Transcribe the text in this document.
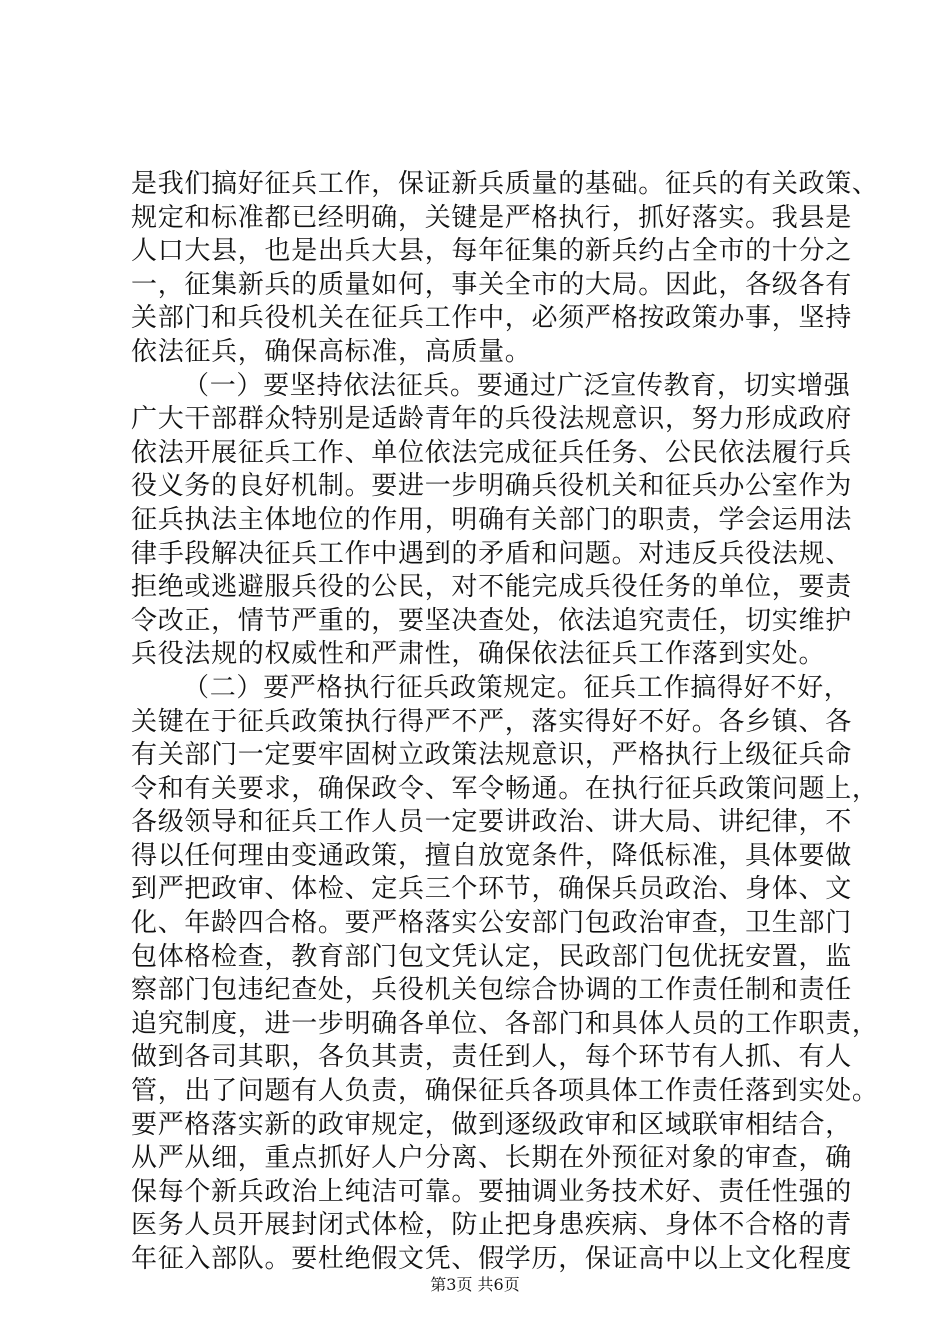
是我们搞好征兵工作，保证新兵质量的基础。征兵的有关政策、
规定和标准都已经明确，关键是严格执行，抓好落实。我县是
人口大县，也是出兵大县，每年征集的新兵约占全市的十分之
一，征集新兵的质量如何，事关全市的大局。因此，各级各有
关部门和兵役机关在征兵工作中，必须严格按政策办事，坚持
依法征兵，确保高标准，高质量。
（一）要坚持依法征兵。要通过广泛宣传教育，切实增强
广大干部群众特别是适龄青年的兵役法规意识，努力形成政府
依法开展征兵工作、单位依法完成征兵任务、公民依法履行兵
役义务的良好机制。要进一步明确兵役机关和征兵办公室作为
征兵执法主体地位的作用，明确有关部门的职责，学会运用法
律手段解决征兵工作中遇到的矛盾和问题。对违反兵役法规、
拒绝或逃避服兵役的公民，对不能完成兵役任务的单位，要责
令改正，情节严重的，要坚决查处，依法追究责任，切实维护
兵役法规的权威性和严肃性，确保依法征兵工作落到实处。
（二）要严格执行征兵政策规定。征兵工作搞得好不好，
关键在于征兵政策执行得严不严，落实得好不好。各乡镇、各
有关部门一定要牢固树立政策法规意识，严格执行上级征兵命
令和有关要求，确保政令、军令畅通。在执行征兵政策问题上，
各级领导和征兵工作人员一定要讲政治、讲大局、讲纪律，不
得以任何理由变通政策，擅自放宽条件，降低标准，具体要做
到严把政审、体检、定兵三个环节，确保兵员政治、身体、文
化、年龄四合格。要严格落实公安部门包政治审查，卫生部门
包体格检查，教育部门包文凭认定，民政部门包优抚安置，监
察部门包违纪查处，兵役机关包综合协调的工作责任制和责任
追究制度，进一步明确各单位、各部门和具体人员的工作职责，
做到各司其职，各负其责，责任到人，每个环节有人抓、有人
管，出了问题有人负责，确保征兵各项具体工作责任落到实处。
要严格落实新的政审规定，做到逐级政审和区域联审相结合，
从严从细，重点抓好人户分离、长期在外预征对象的审查，确
保每个新兵政治上纯洁可靠。要抽调业务技术好、责任性强的
医务人员开展封闭式体检，防止把身患疾病、身体不合格的青
年征入部队。要杜绝假文凭、假学历，保证高中以上文化程度
第3页 共6页
